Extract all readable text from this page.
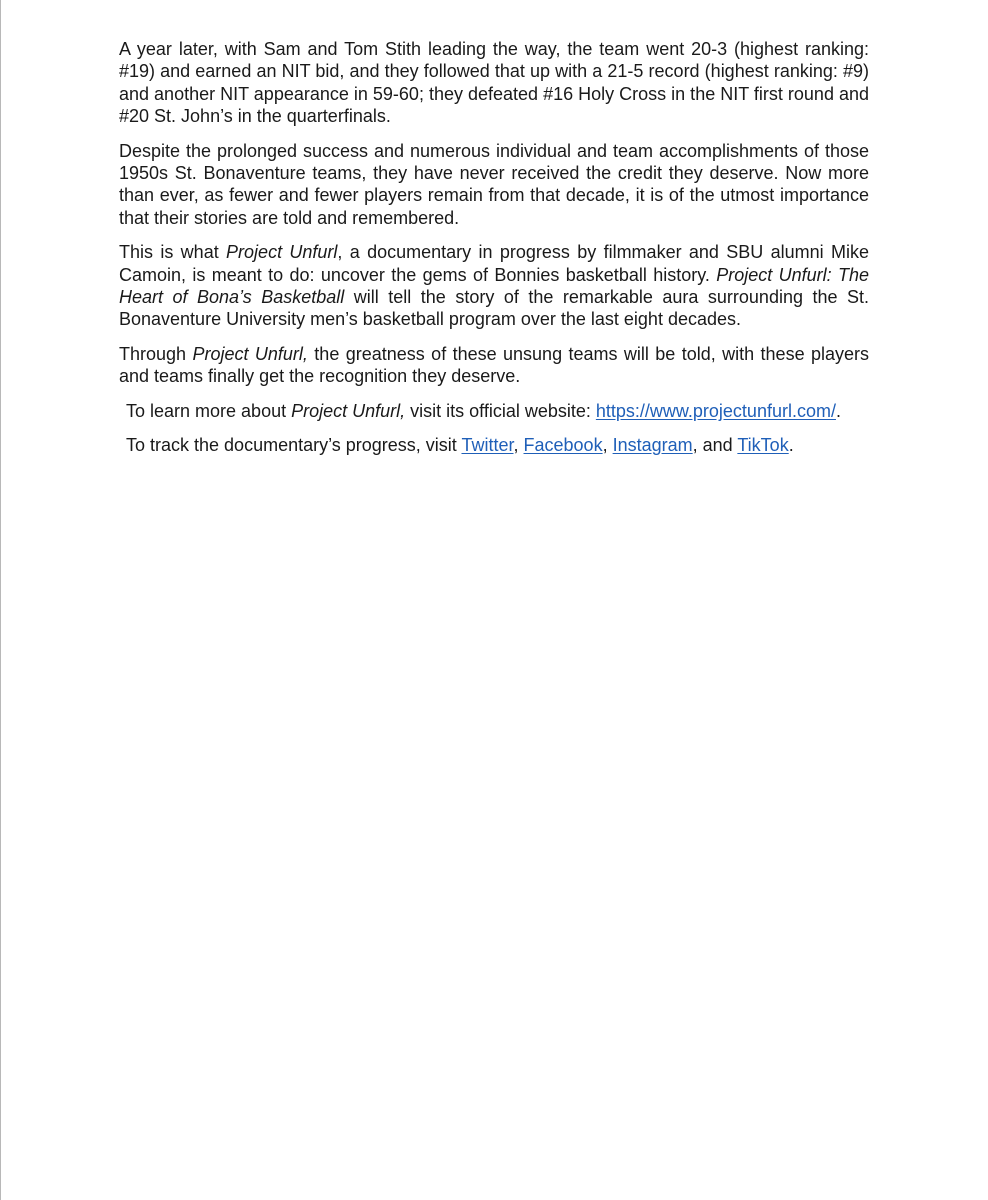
A year later, with Sam and Tom Stith leading the way, the team went 20-3 (highest ranking: #19) and earned an NIT bid, and they followed that up with a 21-5 record (highest ranking: #9) and another NIT appearance in 59-60; they defeated #16 Holy Cross in the NIT first round and #20 St. John’s in the quarterfinals.

Despite the prolonged success and numerous individual and team accomplishments of those 1950s St. Bonaventure teams, they have never received the credit they deserve. Now more than ever, as fewer and fewer players remain from that decade, it is of the utmost importance that their stories are told and remembered.

This is what Project Unfurl, a documentary in progress by filmmaker and SBU alumni Mike Camoin, is meant to do: uncover the gems of Bonnies basketball history. Project Unfurl: The Heart of Bona’s Basketball will tell the story of the remarkable aura surrounding the St. Bonaventure University men’s basketball program over the last eight decades.

Through Project Unfurl, the greatness of these unsung teams will be told, with these players and teams finally get the recognition they deserve.

To learn more about Project Unfurl, visit its official website: https://www.projectunfurl.com/.

To track the documentary’s progress, visit Twitter, Facebook, Instagram, and TikTok.
